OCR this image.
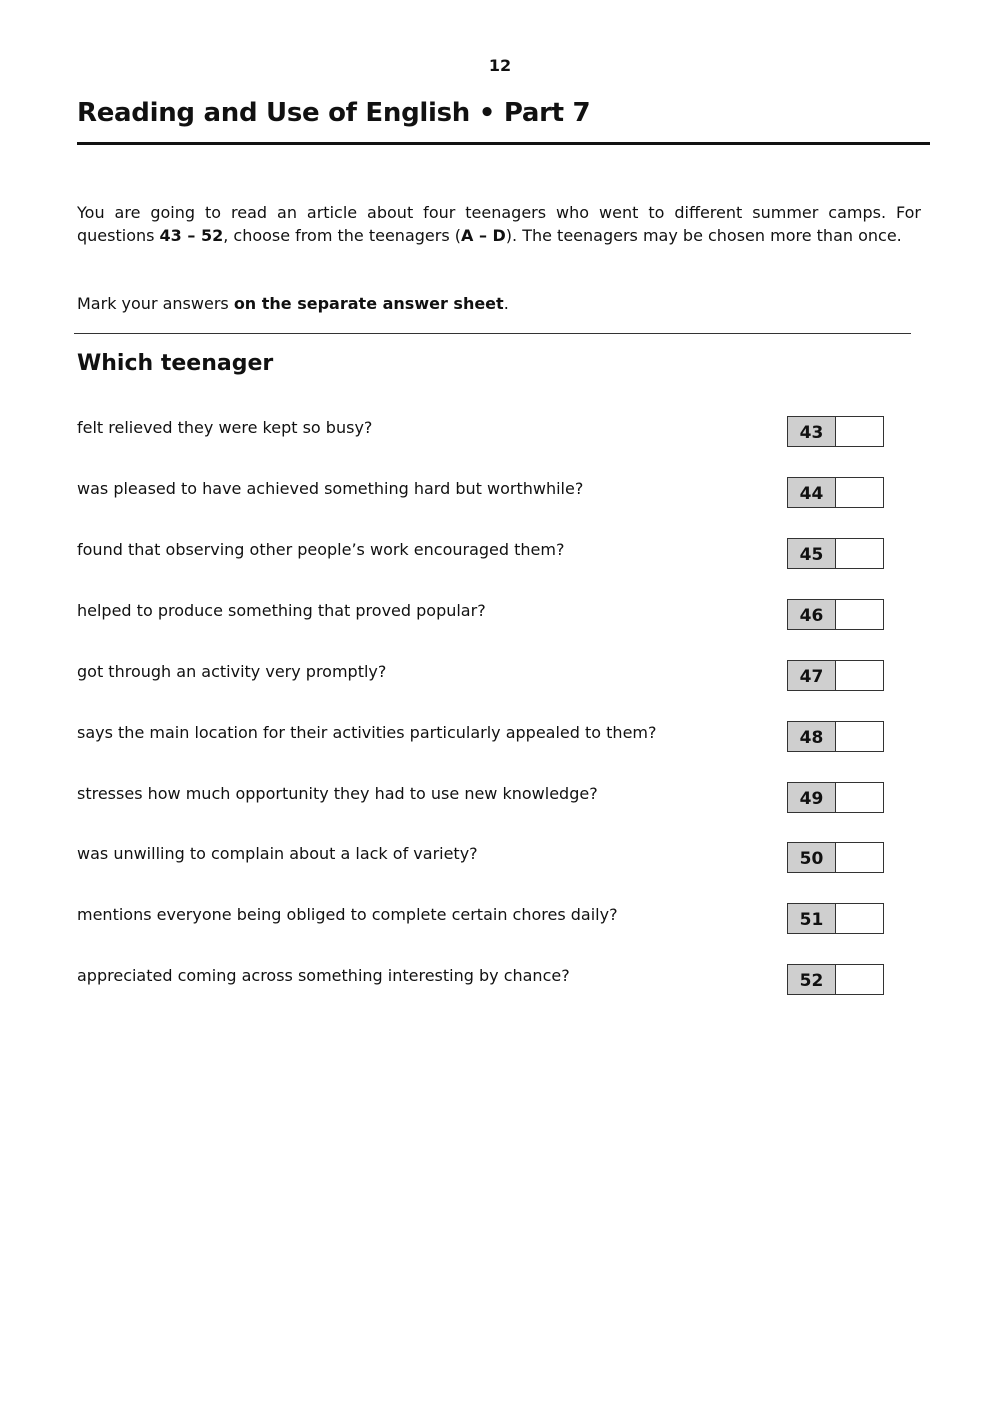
12
Reading and Use of English • Part 7

You are going to read an article about four teenagers who went to different summer camps. For questions 43 – 52, choose from the teenagers (A – D). The teenagers may be chosen more than once.

Mark your answers on the separate answer sheet.

Which teenager
felt relieved they were kept so busy?	43
was pleased to have achieved something hard but worthwhile?	44
found that observing other people’s work encouraged them?	45
helped to produce something that proved popular?	46
got through an activity very promptly?	47
says the main location for their activities particularly appealed to them?	48
stresses how much opportunity they had to use new knowledge?	49
was unwilling to complain about a lack of variety?	50
mentions everyone being obliged to complete certain chores daily?	51
appreciated coming across something interesting by chance?	52
